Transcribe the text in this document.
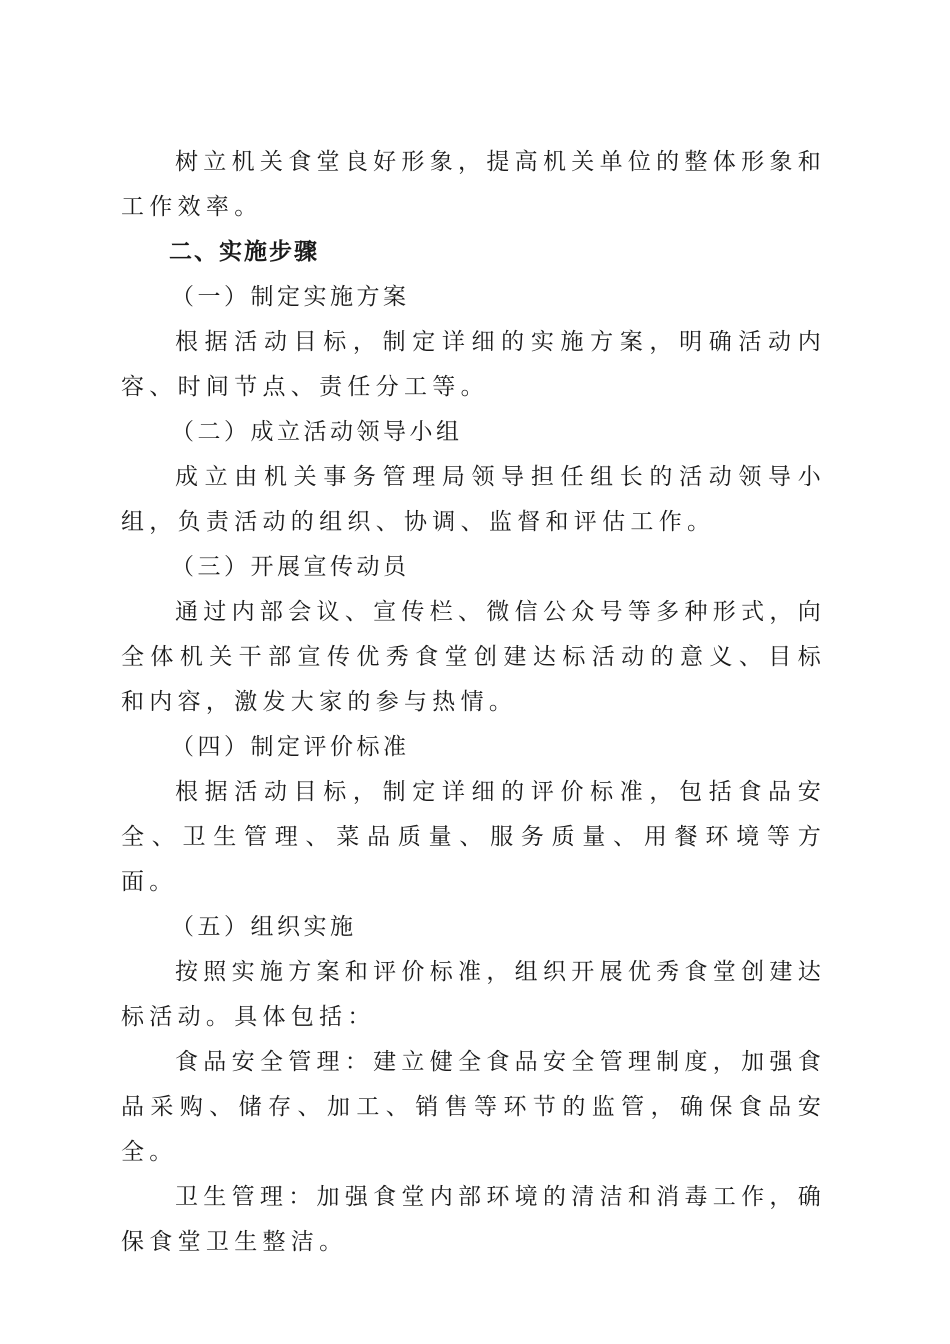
树立机关食堂良好形象，提高机关单位的整体形象和工作效率。

二、实施步骤

（一）制定实施方案

根据活动目标，制定详细的实施方案，明确活动内容、时间节点、责任分工等。

（二）成立活动领导小组

成立由机关事务管理局领导担任组长的活动领导小组，负责活动的组织、协调、监督和评估工作。

（三）开展宣传动员

通过内部会议、宣传栏、微信公众号等多种形式，向全体机关干部宣传优秀食堂创建达标活动的意义、目标和内容，激发大家的参与热情。

（四）制定评价标准

根据活动目标，制定详细的评价标准，包括食品安全、卫生管理、菜品质量、服务质量、用餐环境等方面。

（五）组织实施

按照实施方案和评价标准，组织开展优秀食堂创建达标活动。具体包括：

食品安全管理：建立健全食品安全管理制度，加强食品采购、储存、加工、销售等环节的监管，确保食品安全。

卫生管理：加强食堂内部环境的清洁和消毒工作，确保食堂卫生整洁。
